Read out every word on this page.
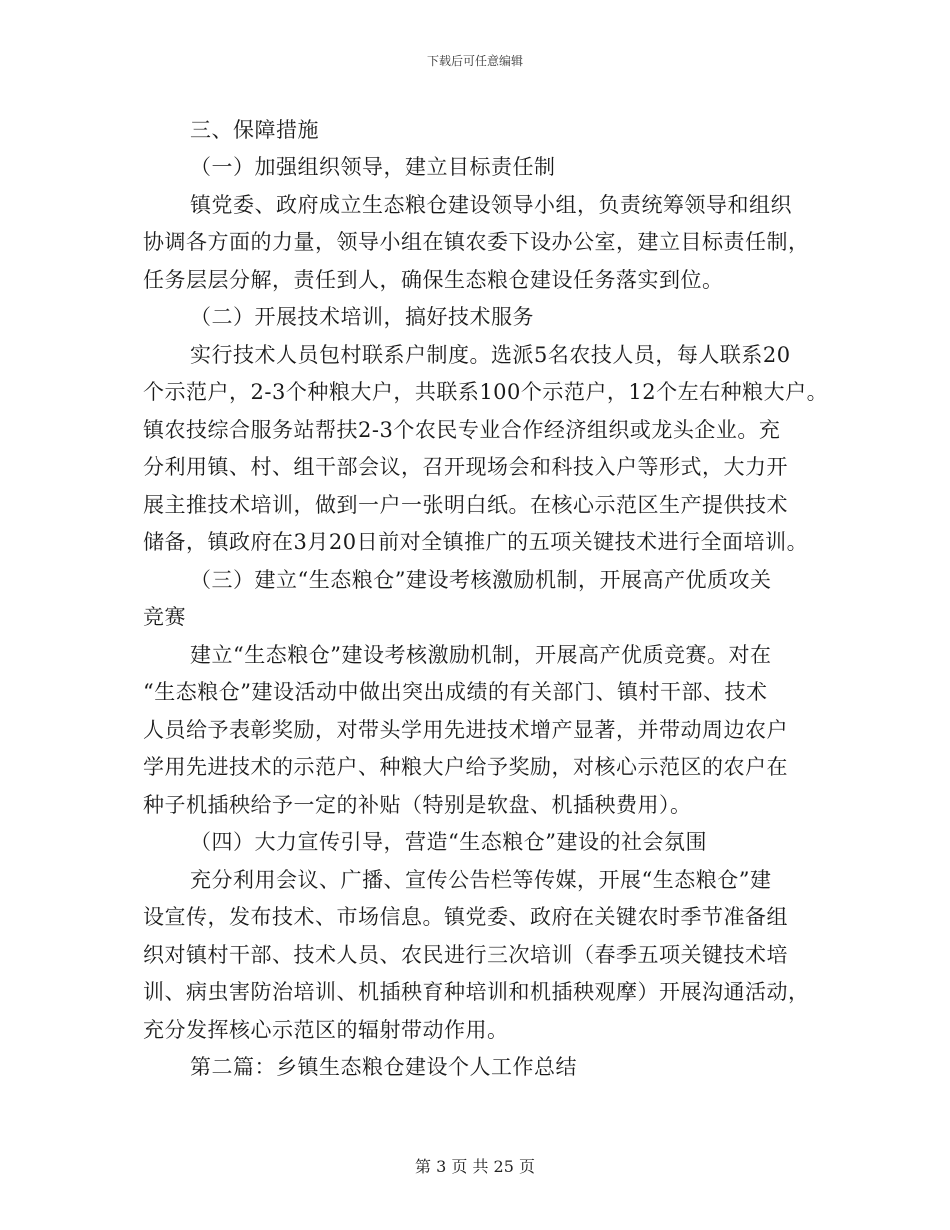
下载后可任意编辑
三、保障措施
（一）加强组织领导，建立目标责任制
镇党委、政府成立生态粮仓建设领导小组，负责统筹领导和组织
协调各方面的力量，领导小组在镇农委下设办公室，建立目标责任制，
任务层层分解，责任到人，确保生态粮仓建设任务落实到位。
（二）开展技术培训，搞好技术服务
实行技术人员包村联系户制度。选派5名农技人员，每人联系20
个示范户，2-3个种粮大户，共联系100个示范户，12个左右种粮大户。
镇农技综合服务站帮扶2-3个农民专业合作经济组织或龙头企业。充
分利用镇、村、组干部会议，召开现场会和科技入户等形式，大力开
展主推技术培训，做到一户一张明白纸。在核心示范区生产提供技术
储备，镇政府在3月20日前对全镇推广的五项关键技术进行全面培训。
（三）建立“生态粮仓”建设考核激励机制，开展高产优质攻关
竞赛
建立“生态粮仓”建设考核激励机制，开展高产优质竞赛。对在
“生态粮仓”建设活动中做出突出成绩的有关部门、镇村干部、技术
人员给予表彰奖励，对带头学用先进技术增产显著，并带动周边农户
学用先进技术的示范户、种粮大户给予奖励，对核心示范区的农户在
种子机插秧给予一定的补贴（特别是软盘、机插秧费用）。
（四）大力宣传引导，营造“生态粮仓”建设的社会氛围
充分利用会议、广播、宣传公告栏等传媒，开展“生态粮仓”建
设宣传，发布技术、市场信息。镇党委、政府在关键农时季节准备组
织对镇村干部、技术人员、农民进行三次培训（春季五项关键技术培
训、病虫害防治培训、机插秧育种培训和机插秧观摩）开展沟通活动，
充分发挥核心示范区的辐射带动作用。
第二篇：乡镇生态粮仓建设个人工作总结
第 3 页 共 25 页
